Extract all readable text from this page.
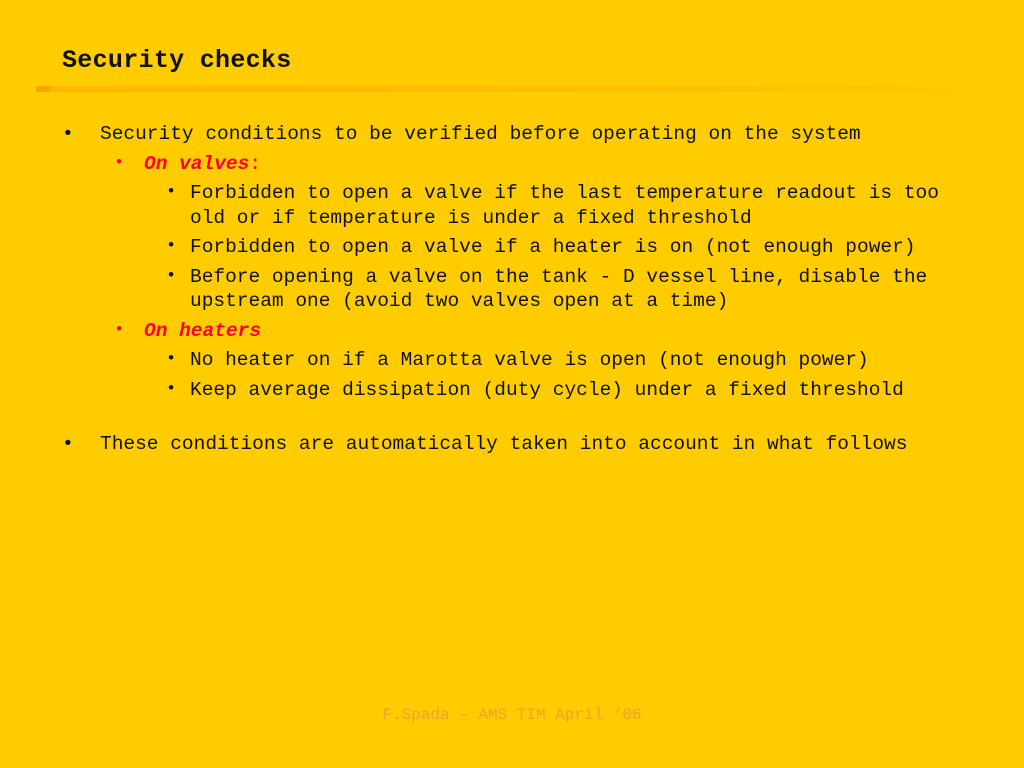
Security checks
• Security conditions to be verified before operating on the system
• On valves:
• Forbidden to open a valve if the last temperature readout is too old or if temperature is under a fixed threshold
• Forbidden to open a valve if a heater is on (not enough power)
• Before opening a valve on the tank - D vessel line, disable the upstream one (avoid two valves open at a time)
• On heaters
• No heater on if a Marotta valve is open (not enough power)
• Keep average dissipation (duty cycle) under a fixed threshold
• These conditions are automatically taken into account in what follows
F.Spada – AMS TIM April ‘06
